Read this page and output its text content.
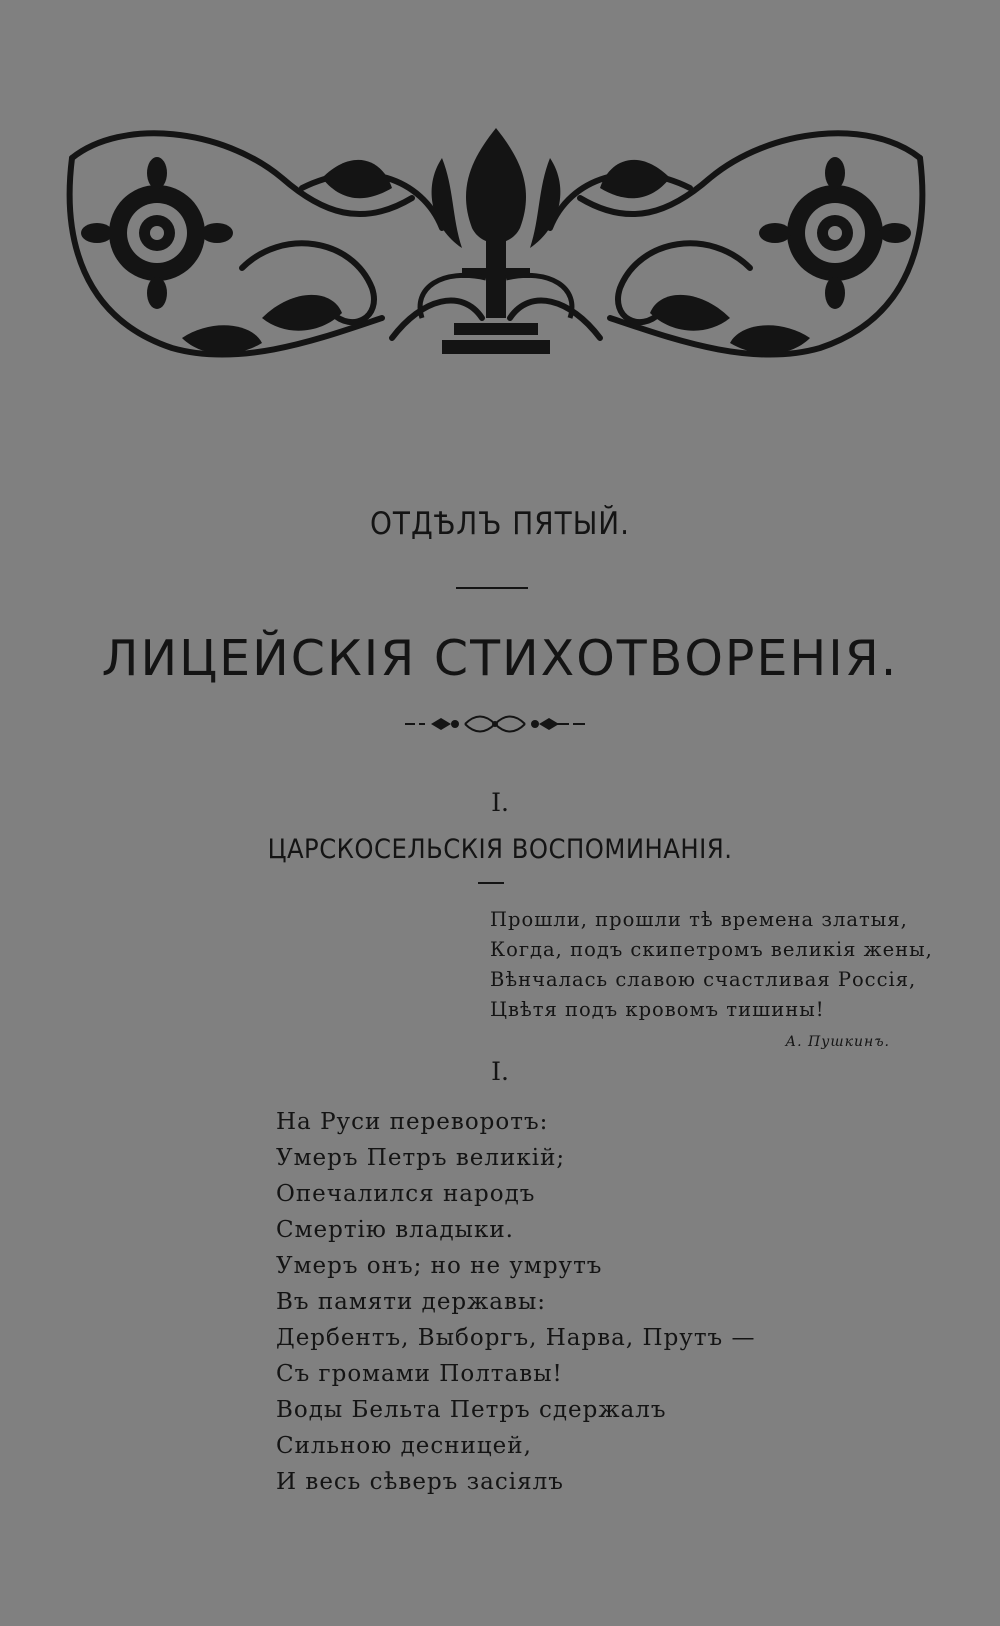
ОТДѢЛЪ ПЯТЫЙ.
ЛИЦЕЙСКІЯ СТИХОТВОРЕНІЯ.
I.
ЦАРСКОСЕЛЬСКІЯ ВОСПОМИНАНІЯ.
Прошли, прошли тѣ времена златыя,
Когда, подъ скипетромъ великія жены,
Вѣнчалась славою счастливая Россія,
Цвѣтя подъ кровомъ тишины!
А. Пушкинъ.
I.
На Руси переворотъ:
Умеръ Петръ великій;
Опечалился народъ
Смертію владыки.
Умеръ онъ; но не умрутъ
Въ памяти державы:
Дербентъ, Выборгъ, Нарва, Прутъ —
Съ громами Полтавы!
Воды Бельта Петръ сдержалъ
Сильною десницей,
И весь сѣверъ засіялъ
